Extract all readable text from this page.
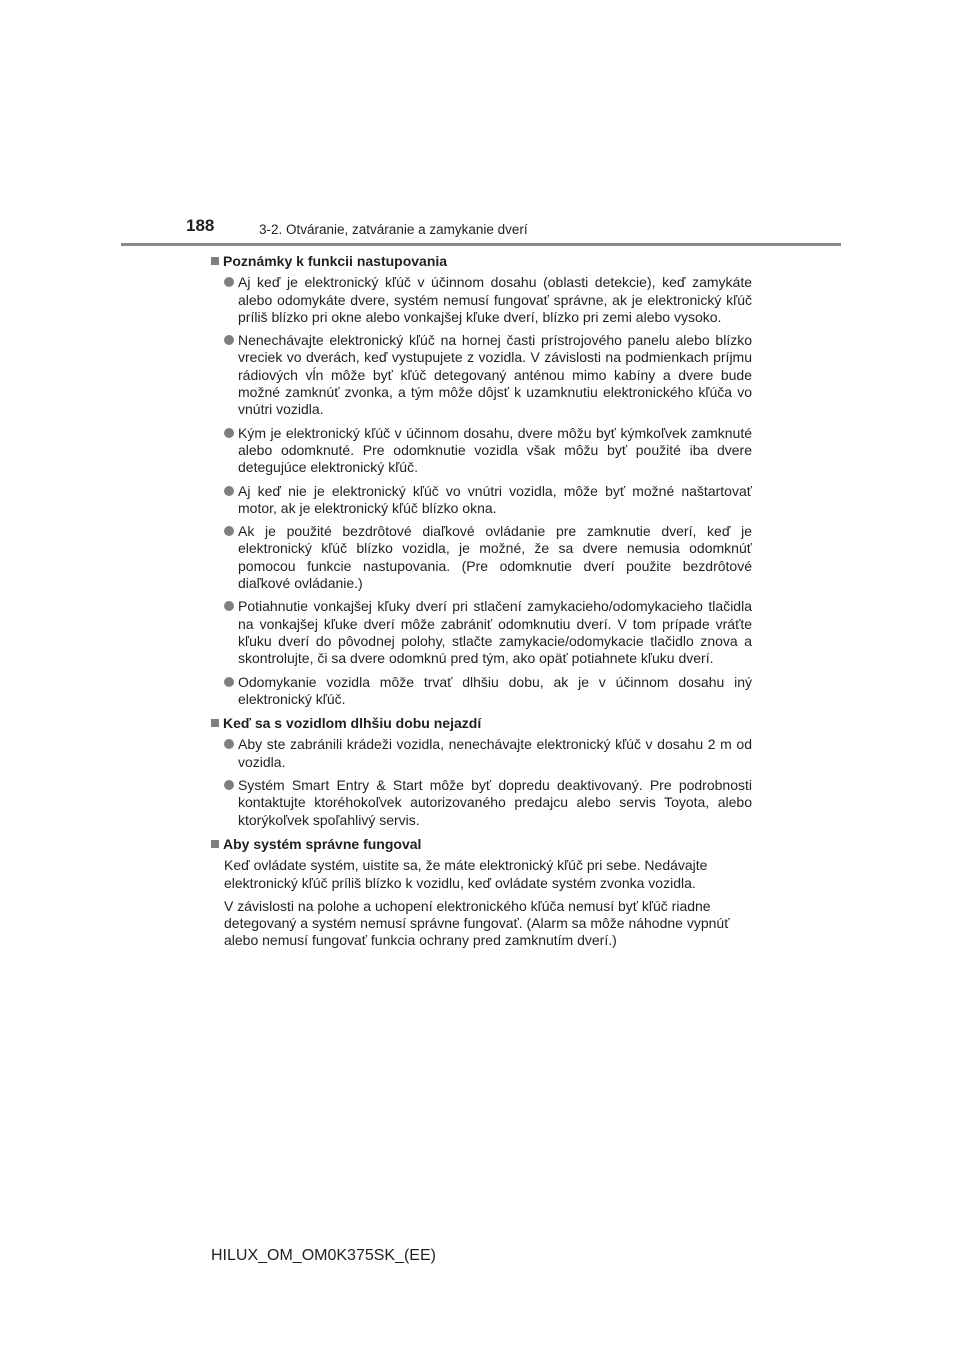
188	3-2. Otváranie, zatváranie a zamykanie dverí
Poznámky k funkcii nastupovania
Aj keď je elektronický kľúč v účinnom dosahu (oblasti detekcie), keď zamykáte alebo odomykáte dvere, systém nemusí fungovať správne, ak je elektronický kľúč príliš blízko pri okne alebo vonkajšej kľuke dverí, blízko pri zemi alebo vysoko.
Nenechávajte elektronický kľúč na hornej časti prístrojového panelu alebo blízko vreciek vo dverách, keď vystupujete z vozidla. V závislosti na podmienkach príjmu rádiových vĺn môže byť kľúč detegovaný anténou mimo kabíny a dvere bude možné zamknúť zvonka, a tým môže dôjsť k uzamknutiu elektronického kľúča vo vnútri vozidla.
Kým je elektronický kľúč v účinnom dosahu, dvere môžu byť kýmkoľvek zamknuté alebo odomknuté. Pre odomknutie vozidla však môžu byť použité iba dvere detegujúce elektronický kľúč.
Aj keď nie je elektronický kľúč vo vnútri vozidla, môže byť možné naštartovať motor, ak je elektronický kľúč blízko okna.
Ak je použité bezdrôtové diaľkové ovládanie pre zamknutie dverí, keď je elektronický kľúč blízko vozidla, je možné, že sa dvere nemusia odomknúť pomocou funkcie nastupovania. (Pre odomknutie dverí použite bezdrôtové diaľkové ovládanie.)
Potiahnutie vonkajšej kľuky dverí pri stlačení zamykacieho/odomykacieho tlačidla na vonkajšej kľuke dverí môže zabrániť odomknutiu dverí. V tom prípade vráťte kľuku dverí do pôvodnej polohy, stlačte zamykacie/odomykacie tlačidlo znova a skontrolujte, či sa dvere odomknú pred tým, ako opäť potiahnete kľuku dverí.
Odomykanie vozidla môže trvať dlhšiu dobu, ak je v účinnom dosahu iný elektronický kľúč.
Keď sa s vozidlom dlhšiu dobu nejazdí
Aby ste zabránili krádeži vozidla, nenechávajte elektronický kľúč v dosahu 2 m od vozidla.
Systém Smart Entry & Start môže byť dopredu deaktivovaný. Pre podrobnosti kontaktujte ktoréhokoľvek autorizovaného predajcu alebo servis Toyota, alebo ktorýkoľvek spoľahlivý servis.
Aby systém správne fungoval
Keď ovládate systém, uistite sa, že máte elektronický kľúč pri sebe. Nedávajte elektronický kľúč príliš blízko k vozidlu, keď ovládate systém zvonka vozidla.
V závislosti na polohe a uchopení elektronického kľúča nemusí byť kľúč riadne detegovaný a systém nemusí správne fungovať. (Alarm sa môže náhodne vypnúť alebo nemusí fungovať funkcia ochrany pred zamknutím dverí.)
HILUX_OM_OM0K375SK_(EE)
